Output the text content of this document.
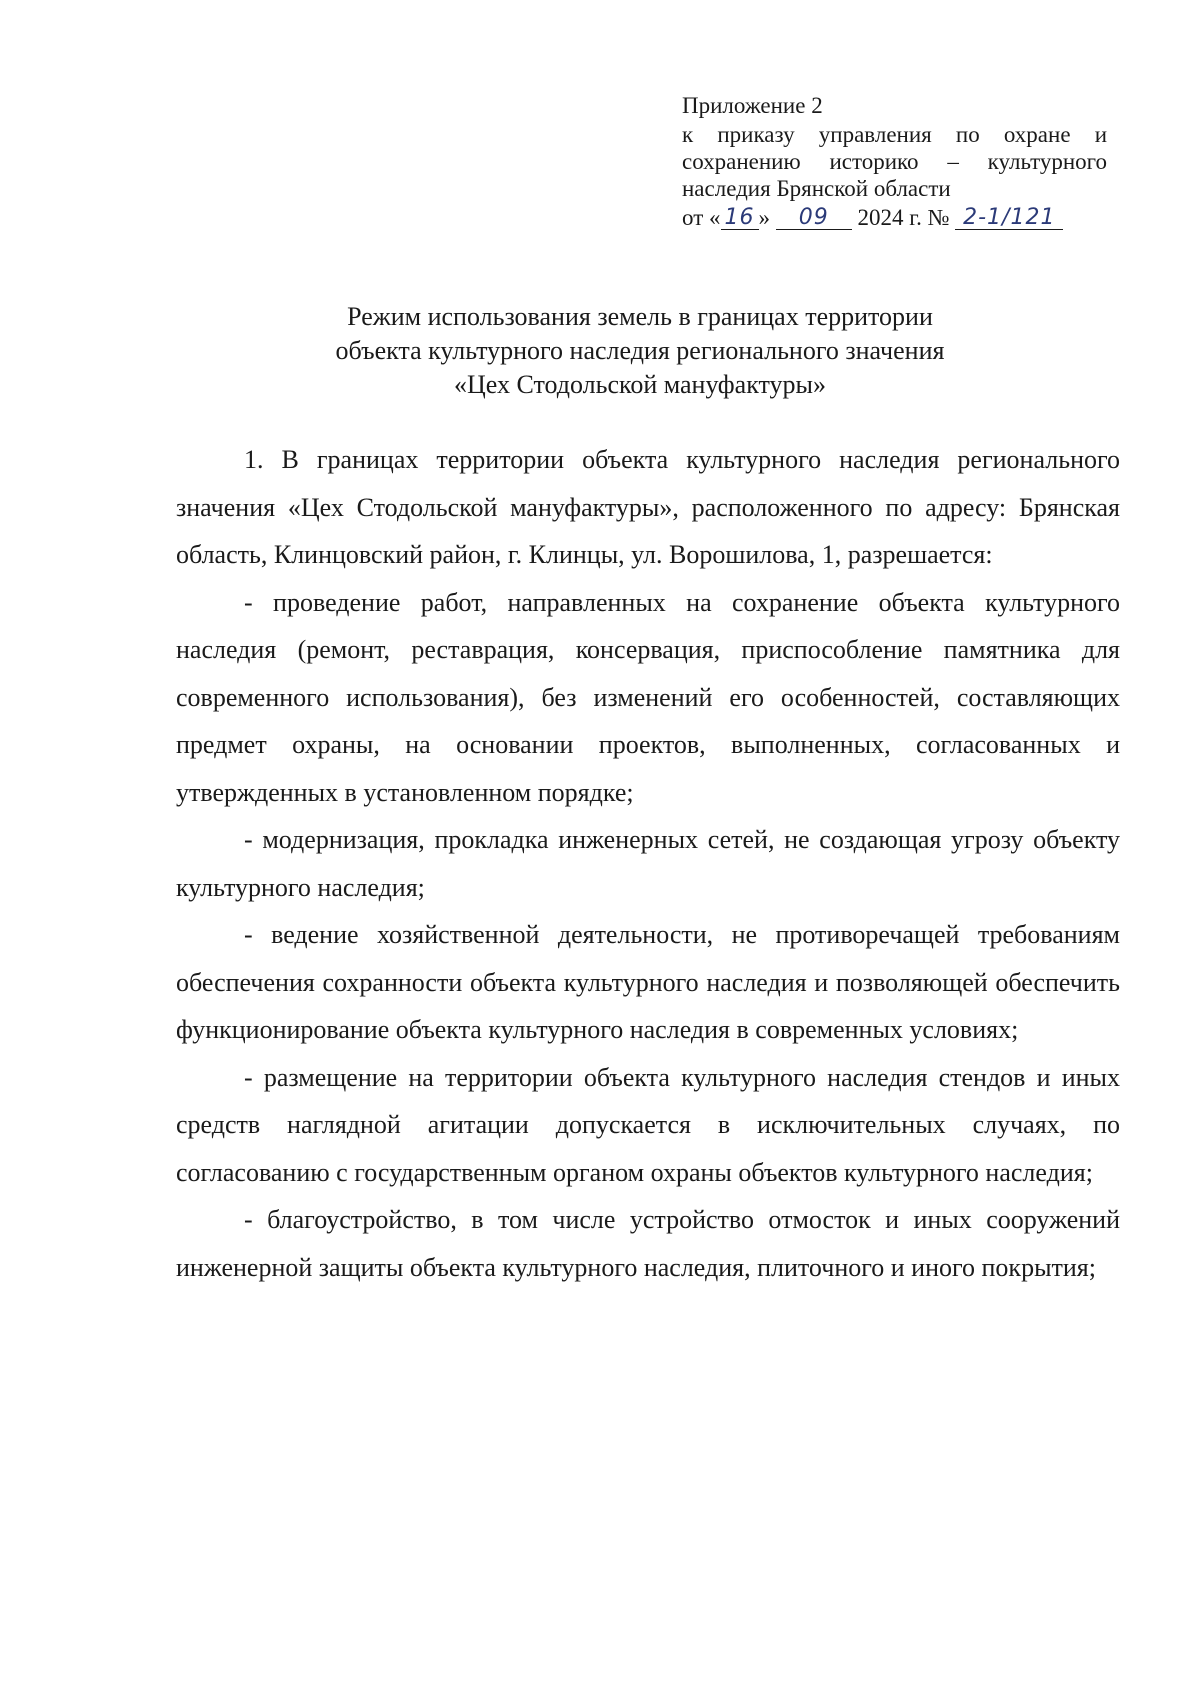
Приложение 2
к приказу управления по охране и сохранению историко – культурного наследия Брянской области
от « 16 » 09 2024 г. № 2-1/121
Режим использования земель в границах территории
объекта культурного наследия регионального значения
«Цех Стодольской мануфактуры»

1. В границах территории объекта культурного наследия регионального значения «Цех Стодольской мануфактуры», расположенного по адресу: Брянская область, Клинцовский район, г. Клинцы, ул. Ворошилова, 1, разрешается:

- проведение работ, направленных на сохранение объекта культурного наследия (ремонт, реставрация, консервация, приспособление памятника для современного использования), без изменений его особенностей, составляющих предмет охраны, на основании проектов, выполненных, согласованных и утвержденных в установленном порядке;

- модернизация, прокладка инженерных сетей, не создающая угрозу объекту культурного наследия;

- ведение хозяйственной деятельности, не противоречащей требованиям обеспечения сохранности объекта культурного наследия и позволяющей обеспечить функционирование объекта культурного наследия в современных условиях;

- размещение на территории объекта культурного наследия стендов и иных средств наглядной агитации допускается в исключительных случаях, по согласованию с государственным органом охраны объектов культурного наследия;

- благоустройство, в том числе устройство отмосток и иных сооружений инженерной защиты объекта культурного наследия, плиточного и иного покрытия;
